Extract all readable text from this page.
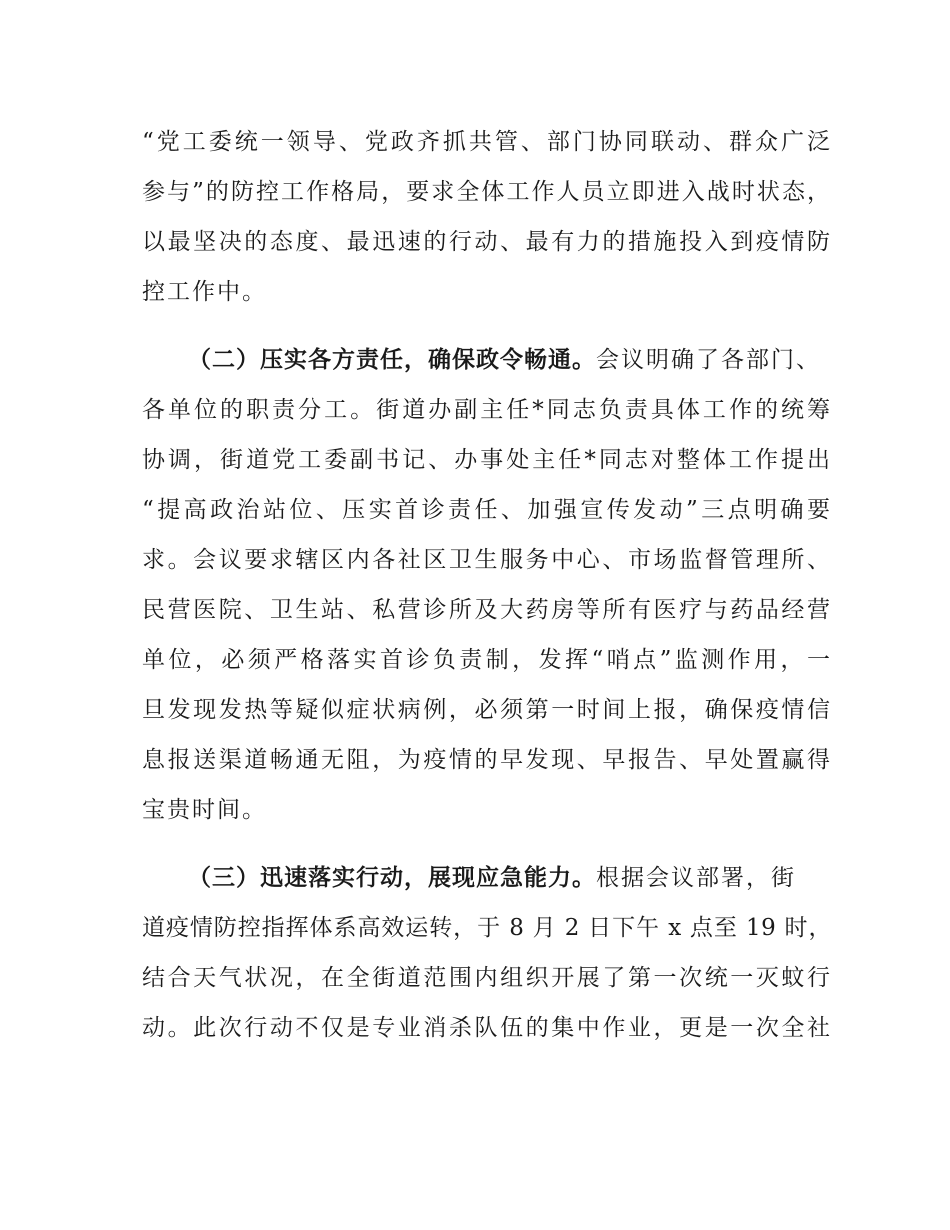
“党工委统一领导、党政齐抓共管、部门协同联动、群众广泛
参与”的防控工作格局，要求全体工作人员立即进入战时状态，
以最坚决的态度、最迅速的行动、最有力的措施投入到疫情防
控工作中。
（二）压实各方责任，确保政令畅通。会议明确了各部门、
各单位的职责分工。街道办副主任*同志负责具体工作的统筹
协调，街道党工委副书记、办事处主任*同志对整体工作提出
“提高政治站位、压实首诊责任、加强宣传发动”三点明确要
求。会议要求辖区内各社区卫生服务中心、市场监督管理所、
民营医院、卫生站、私营诊所及大药房等所有医疗与药品经营
单位，必须严格落实首诊负责制，发挥“哨点”监测作用，一
旦发现发热等疑似症状病例，必须第一时间上报，确保疫情信
息报送渠道畅通无阻，为疫情的早发现、早报告、早处置赢得
宝贵时间。
（三）迅速落实行动，展现应急能力。根据会议部署，街
道疫情防控指挥体系高效运转，于 8 月 2 日下午 x 点至 19 时，
结合天气状况，在全街道范围内组织开展了第一次统一灭蚊行
动。此次行动不仅是专业消杀队伍的集中作业，更是一次全社
